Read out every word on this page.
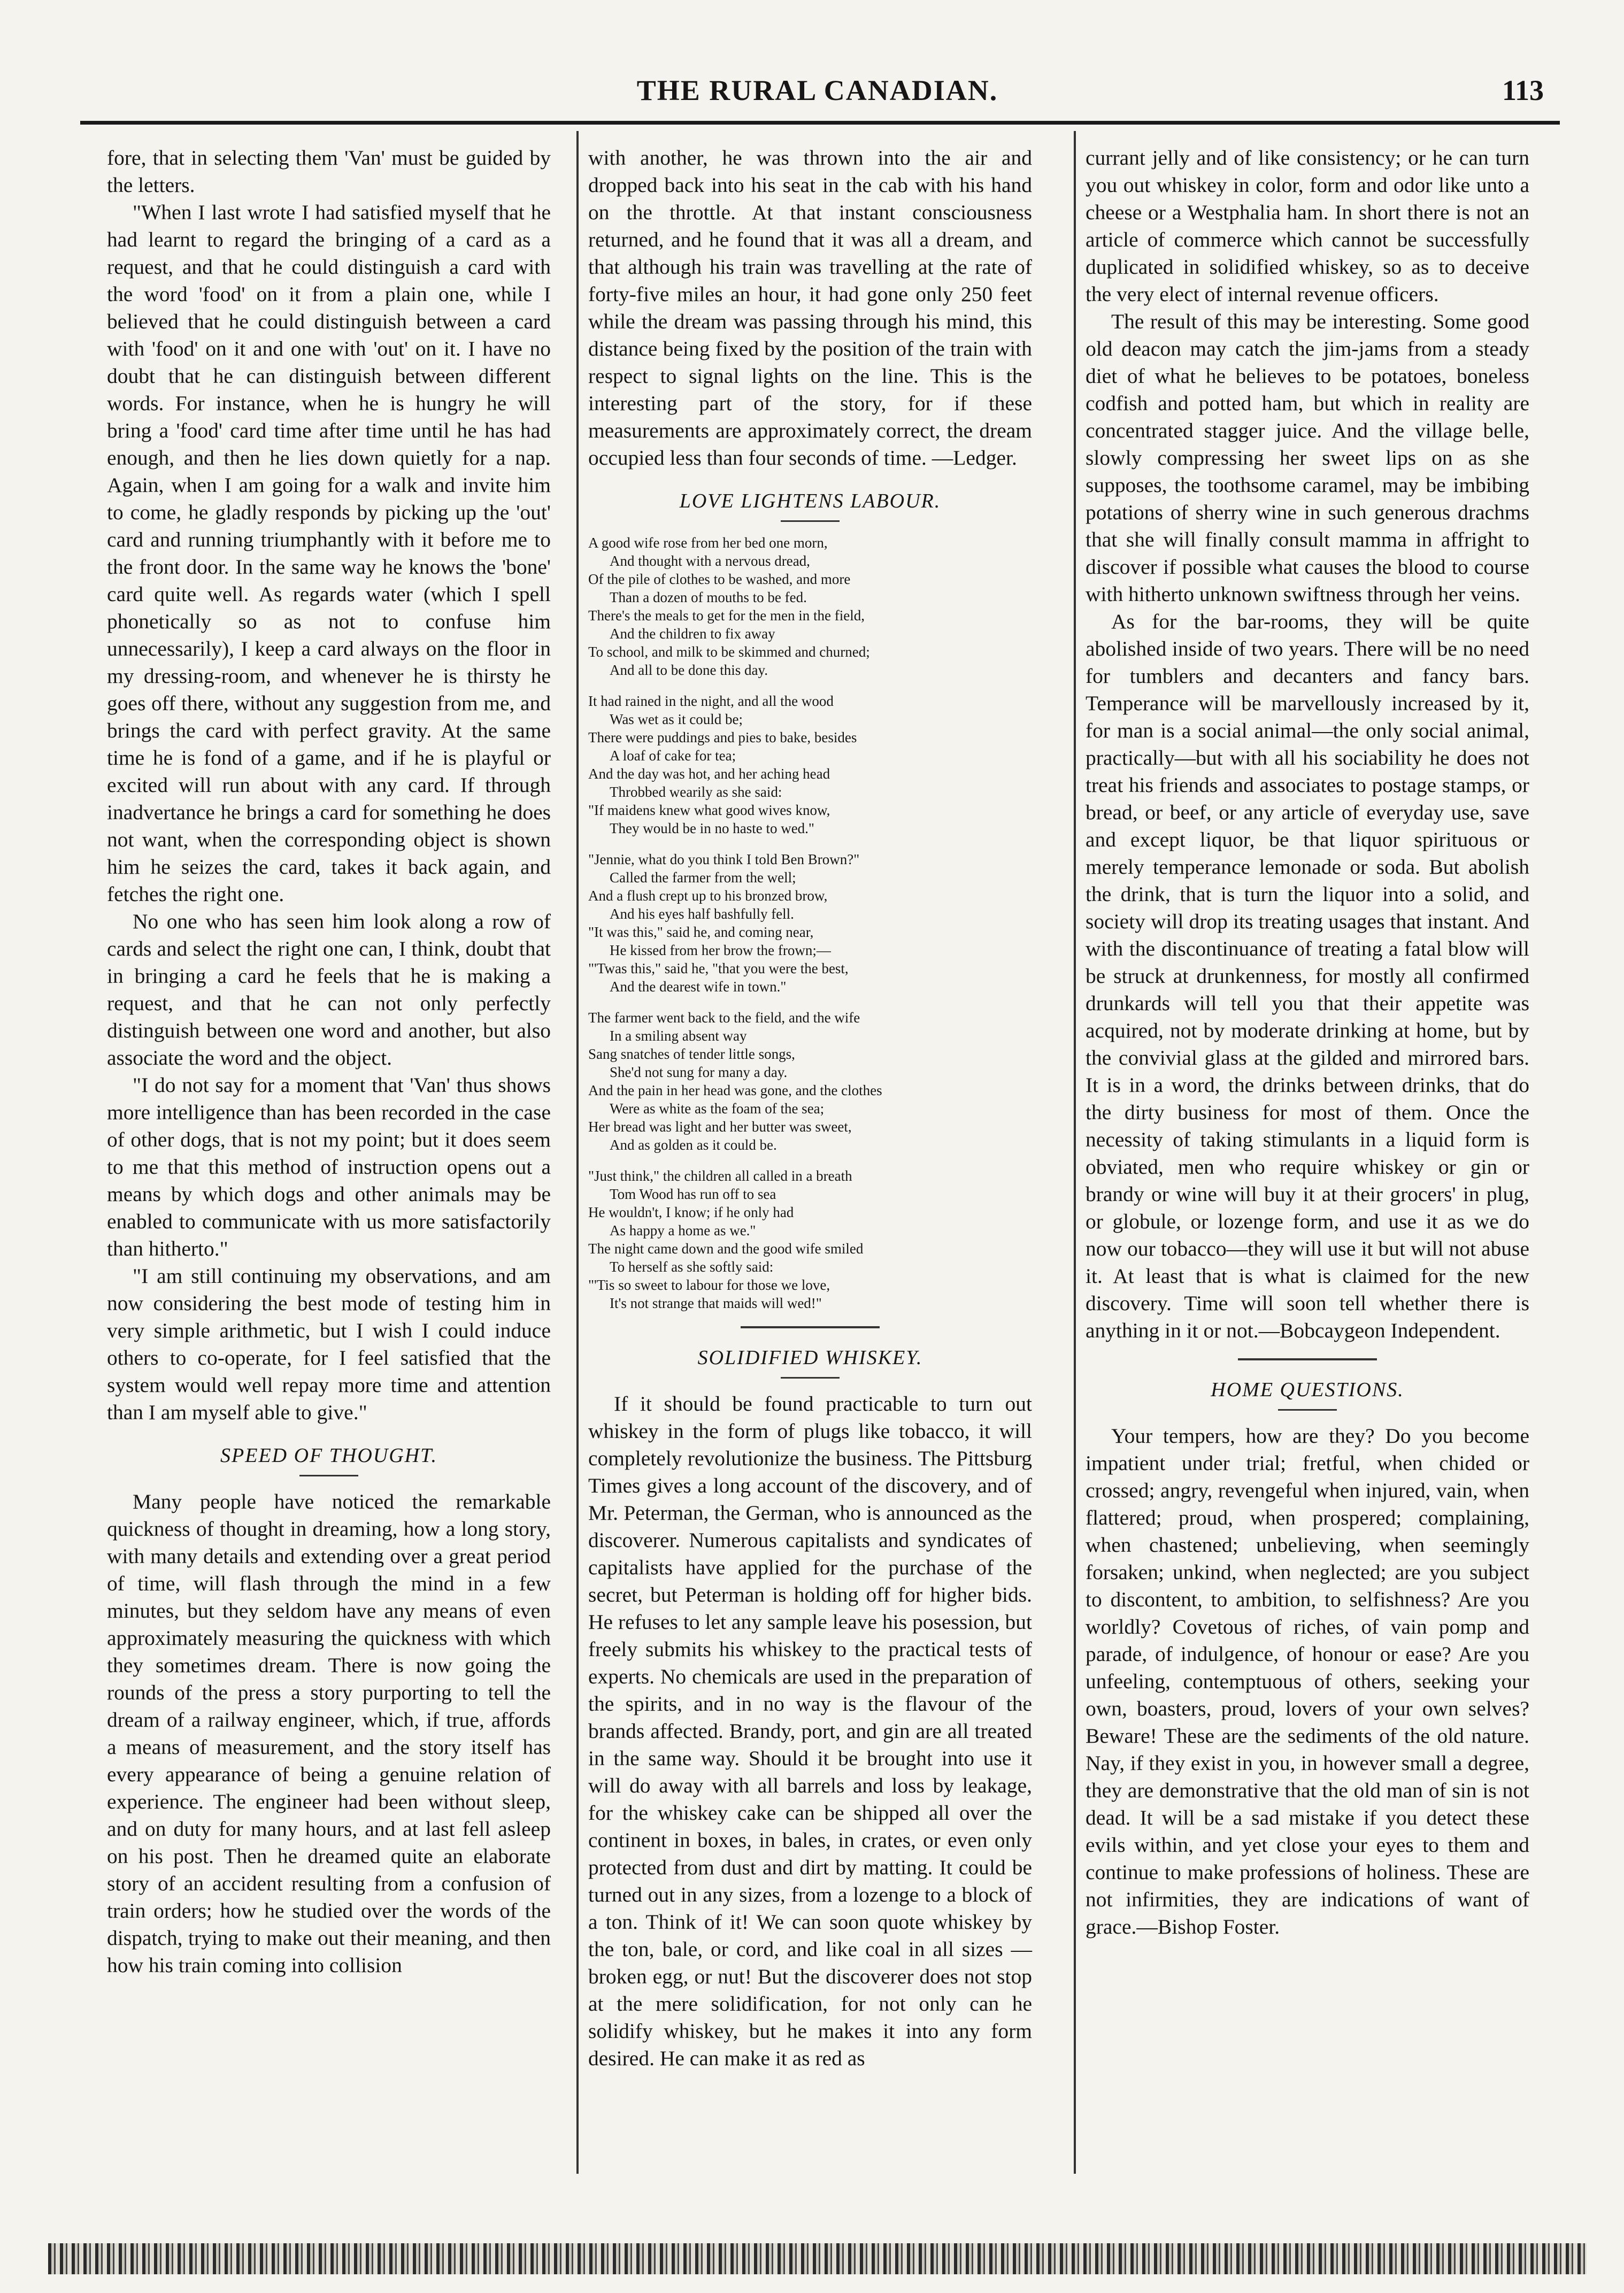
THE RURAL CANADIAN.	113

fore, that in selecting them 'Van' must be guided by the letters.

"When I last wrote I had satisfied myself that he had learnt to regard the bringing of a card as a request, and that he could distinguish a card with the word 'food' on it from a plain one, while I believed that he could distinguish between a card with 'food' on it and one with 'out' on it. I have no doubt that he can distinguish between different words. For instance, when he is hungry he will bring a 'food' card time after time until he has had enough, and then he lies down quietly for a nap. Again, when I am going for a walk and invite him to come, he gladly responds by picking up the 'out' card and running triumphantly with it before me to the front door. In the same way he knows the 'bone' card quite well. As regards water (which I spell phonetically so as not to confuse him unnecessarily), I keep a card always on the floor in my dressing-room, and whenever he is thirsty he goes off there, without any suggestion from me, and brings the card with perfect gravity. At the same time he is fond of a game, and if he is playful or excited will run about with any card. If through inadvertance he brings a card for something he does not want, when the corresponding object is shown him he seizes the card, takes it back again, and fetches the right one.

No one who has seen him look along a row of cards and select the right one can, I think, doubt that in bringing a card he feels that he is making a request, and that he can not only perfectly distinguish between one word and another, but also associate the word and the object.

"I do not say for a moment that 'Van' thus shows more intelligence than has been recorded in the case of other dogs, that is not my point; but it does seem to me that this method of instruction opens out a means by which dogs and other animals may be enabled to communicate with us more satisfactorily than hitherto."

"I am still continuing my observations, and am now considering the best mode of testing him in very simple arithmetic, but I wish I could induce others to co-operate, for I feel satisfied that the system would well repay more time and attention than I am myself able to give."

SPEED OF THOUGHT.

Many people have noticed the remarkable quickness of thought in dreaming, how a long story, with many details and extending over a great period of time, will flash through the mind in a few minutes, but they seldom have any means of even approximately measuring the quickness with which they sometimes dream. There is now going the rounds of the press a story purporting to tell the dream of a railway engineer, which, if true, affords a means of measurement, and the story itself has every appearance of being a genuine relation of experience. The engineer had been without sleep, and on duty for many hours, and at last fell asleep on his post. Then he dreamed quite an elaborate story of an accident resulting from a confusion of train orders; how he studied over the words of the dispatch, trying to make out their meaning, and then how his train coming into collision

with another, he was thrown into the air and dropped back into his seat in the cab with his hand on the throttle. At that instant consciousness returned, and he found that it was all a dream, and that although his train was travelling at the rate of forty-five miles an hour, it had gone only 250 feet while the dream was passing through his mind, this distance being fixed by the position of the train with respect to signal lights on the line. This is the interesting part of the story, for if these measurements are approximately correct, the dream occupied less than four seconds of time. —Ledger.

LOVE LIGHTENS LABOUR.
A good wife rose from her bed one morn,
And thought with a nervous dread,
Of the pile of clothes to be washed, and more
Than a dozen of mouths to be fed.
There's the meals to get for the men in the field,
And the children to fix away
To school, and milk to be skimmed and churned;
And all to be done this day.
It had rained in the night, and all the wood
Was wet as it could be;
There were puddings and pies to bake, besides
A loaf of cake for tea;
And the day was hot, and her aching head
Throbbed wearily as she said:
"If maidens knew what good wives know,
They would be in no haste to wed."
"Jennie, what do you think I told Ben Brown?"
Called the farmer from the well;
And a flush crept up to his bronzed brow,
And his eyes half bashfully fell.
"It was this," said he, and coming near,
He kissed from her brow the frown;—
"'Twas this," said he, "that you were the best,
And the dearest wife in town."
The farmer went back to the field, and the wife
In a smiling absent way
Sang snatches of tender little songs,
She'd not sung for many a day.
And the pain in her head was gone, and the clothes
Were as white as the foam of the sea;
Her bread was light and her butter was sweet,
And as golden as it could be.
"Just think," the children all called in a breath
Tom Wood has run off to sea
He wouldn't, I know; if he only had
As happy a home as we."
The night came down and the good wife smiled
To herself as she softly said:
"'Tis so sweet to labour for those we love,
It's not strange that maids will wed!"
SOLIDIFIED WHISKEY.

If it should be found practicable to turn out whiskey in the form of plugs like tobacco, it will completely revolutionize the business. The Pittsburg Times gives a long account of the discovery, and of Mr. Peterman, the German, who is announced as the discoverer. Numerous capitalists and syndicates of capitalists have applied for the purchase of the secret, but Peterman is holding off for higher bids. He refuses to let any sample leave his posession, but freely submits his whiskey to the practical tests of experts. No chemicals are used in the preparation of the spirits, and in no way is the flavour of the brands affected. Brandy, port, and gin are all treated in the same way. Should it be brought into use it will do away with all barrels and loss by leakage, for the whiskey cake can be shipped all over the continent in boxes, in bales, in crates, or even only protected from dust and dirt by matting. It could be turned out in any sizes, from a lozenge to a block of a ton. Think of it! We can soon quote whiskey by the ton, bale, or cord, and like coal in all sizes —broken egg, or nut! But the discoverer does not stop at the mere solidification, for not only can he solidify whiskey, but he makes it into any form desired. He can make it as red as

currant jelly and of like consistency; or he can turn you out whiskey in color, form and odor like unto a cheese or a Westphalia ham. In short there is not an article of commerce which cannot be successfully duplicated in solidified whiskey, so as to deceive the very elect of internal revenue officers.

The result of this may be interesting. Some good old deacon may catch the jim-jams from a steady diet of what he believes to be potatoes, boneless codfish and potted ham, but which in reality are concentrated stagger juice. And the village belle, slowly compressing her sweet lips on as she supposes, the toothsome caramel, may be imbibing potations of sherry wine in such generous drachms that she will finally consult mamma in affright to discover if possible what causes the blood to course with hitherto unknown swiftness through her veins.

As for the bar-rooms, they will be quite abolished inside of two years. There will be no need for tumblers and decanters and fancy bars. Temperance will be marvellously increased by it, for man is a social animal—the only social animal, practically—but with all his sociability he does not treat his friends and associates to postage stamps, or bread, or beef, or any article of everyday use, save and except liquor, be that liquor spirituous or merely temperance lemonade or soda. But abolish the drink, that is turn the liquor into a solid, and society will drop its treating usages that instant. And with the discontinuance of treating a fatal blow will be struck at drunkenness, for mostly all confirmed drunkards will tell you that their appetite was acquired, not by moderate drinking at home, but by the convivial glass at the gilded and mirrored bars. It is in a word, the drinks between drinks, that do the dirty business for most of them. Once the necessity of taking stimulants in a liquid form is obviated, men who require whiskey or gin or brandy or wine will buy it at their grocers' in plug, or globule, or lozenge form, and use it as we do now our tobacco—they will use it but will not abuse it. At least that is what is claimed for the new discovery. Time will soon tell whether there is anything in it or not.—Bobcaygeon Independent.

HOME QUESTIONS.

Your tempers, how are they? Do you become impatient under trial; fretful, when chided or crossed; angry, revengeful when injured, vain, when flattered; proud, when prospered; complaining, when chastened; unbelieving, when seemingly forsaken; unkind, when neglected; are you subject to discontent, to ambition, to selfishness? Are you worldly? Covetous of riches, of vain pomp and parade, of indulgence, of honour or ease? Are you unfeeling, contemptuous of others, seeking your own, boasters, proud, lovers of your own selves? Beware! These are the sediments of the old nature. Nay, if they exist in you, in however small a degree, they are demonstrative that the old man of sin is not dead. It will be a sad mistake if you detect these evils within, and yet close your eyes to them and continue to make professions of holiness. These are not infirmities, they are indications of want of grace.—Bishop Foster.
